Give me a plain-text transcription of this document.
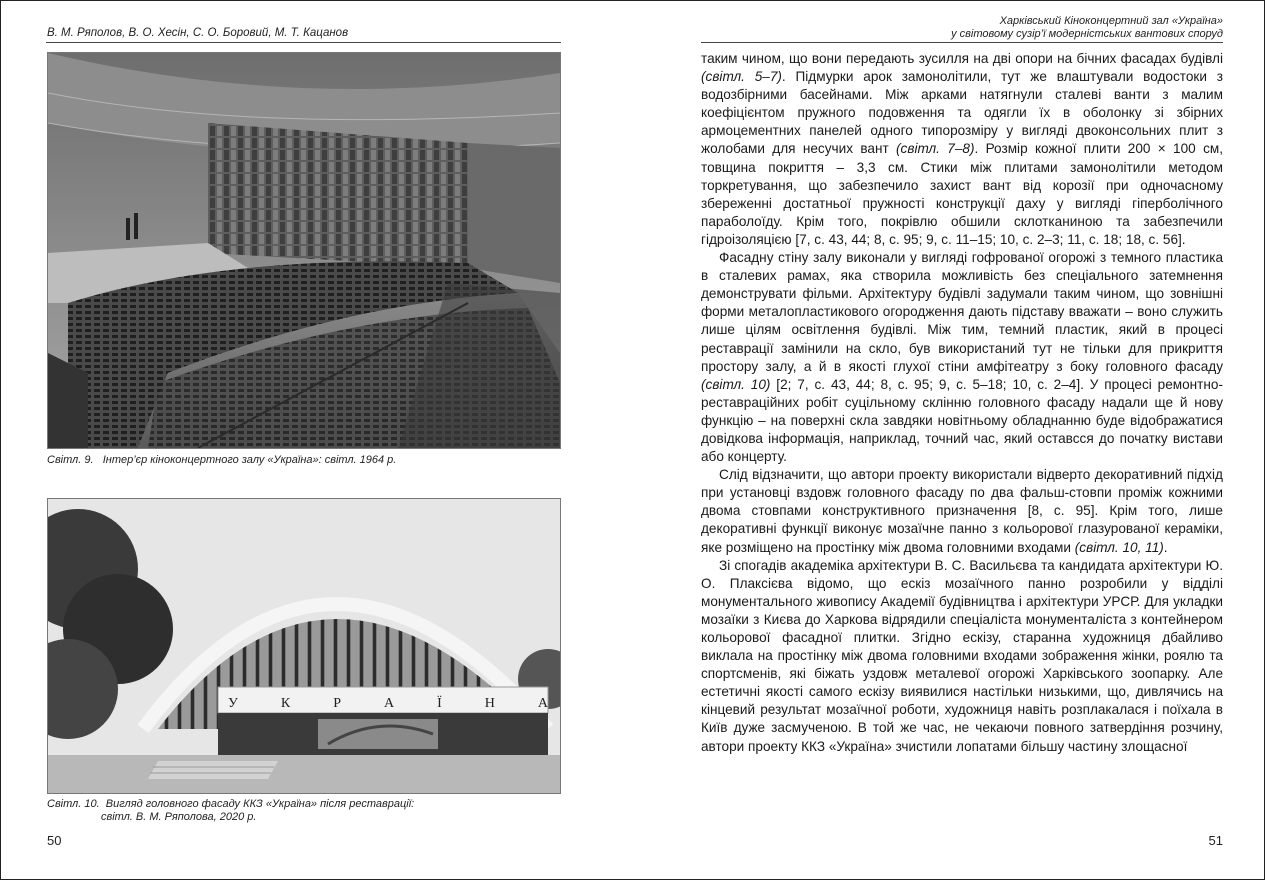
В. М. Ряполов, В. О. Хесін, С. О. Боровий, М. Т. Кацанов
Світл. 9. Інтер’єр кіноконцертного залу «Україна»: світл. 1964 р.
У К Р А Ї Н А
Світл. 10. Вигляд головного фасаду ККЗ «Україна» після реставрації:
світл. В. М. Ряполова, 2020 р.
50
Харківський Кіноконцертний зал «Україна»
у світовому сузір’ї модерністських вантових споруд

таким чином, що вони передають зусилля на дві опори на бічних фасадах будівлі (світл. 5–7). Підмурки арок замонолітили, тут же влаштували водостоки з водозбірними басейнами. Між арками натягнули сталеві ванти з малим коефіцієнтом пружного подовження та одягли їх в оболонку зі збірних армоцементних панелей одного типорозміру у вигляді двоконсольних плит з жолобами для несучих вант (світл. 7–8). Розмір кожної плити 200 × 100 см, товщина покриття – 3,3 см. Стики між плитами замонолітили методом торкретування, що забезпечило захист вант від корозії при одночасному збереженні достатньої пружності конструкції даху у вигляді гіперболічного параболоїду. Крім того, покрівлю обшили склотканиною та забезпечили гідроізоляцією [7, с. 43, 44; 8, с. 95; 9, с. 11–15; 10, с. 2–3; 11, с. 18; 18, с. 56].

Фасадну стіну залу виконали у вигляді гофрованої огорожі з темного пластика в сталевих рамах, яка створила можливість без спеціального затемнення демонструвати фільми. Архітектуру будівлі задумали таким чином, що зовнішні форми металопластикового огородження дають підставу вважати – воно служить лише цілям освітлення будівлі. Між тим, темний пластик, який в процесі реставрації замінили на скло, був використаний тут не тільки для прикриття простору залу, а й в якості глухої стіни амфітеатру з боку головного фасаду (світл. 10) [2; 7, с. 43, 44; 8, с. 95; 9, с. 5–18; 10, с. 2–4]. У процесі ремонтно-реставраційних робіт суцільному склінню головного фасаду надали ще й нову функцію – на поверхні скла завдяки новітньому обладнанню буде відображатися довідкова інформація, наприклад, точний час, який оставсся до початку вистави або концерту.

Слід відзначити, що автори проекту використали відверто декоративний підхід при установці вздовж головного фасаду по два фальш-стовпи проміж кожними двома стовпами конструктивного призначення [8, с. 95]. Крім того, лише декоративні функції виконує мозаїчне панно з кольорової глазурованої кераміки, яке розміщено на простінку між двома головними входами (світл. 10, 11).

Зі спогадів академіка архітектури В. С. Васильєва та кандидата архітектури Ю. О. Плаксієва відомо, що ескіз мозаїчного панно розробили у відділі монументального живопису Академії будівництва і архітектури УРСР. Для укладки мозаїки з Києва до Харкова відрядили спеціаліста монументаліста з контейнером кольорової фасадної плитки. Згідно ескізу, старанна художниця дбайливо виклала на простінку між двома головними входами зображення жінки, роялю та спортсменів, які біжать уздовж металевої огорожі Харківського зоопарку. Але естетичні якості самого ескізу виявилися настільки низькими, що, дивлячись на кінцевий результат мозаїчної роботи, художниця навіть розплакалася і поїхала в Київ дуже засмученою. В той же час, не чекаючи повного затвердіння розчину, автори проекту ККЗ «Україна» зчистили лопатами більшу частину злощасної

51
